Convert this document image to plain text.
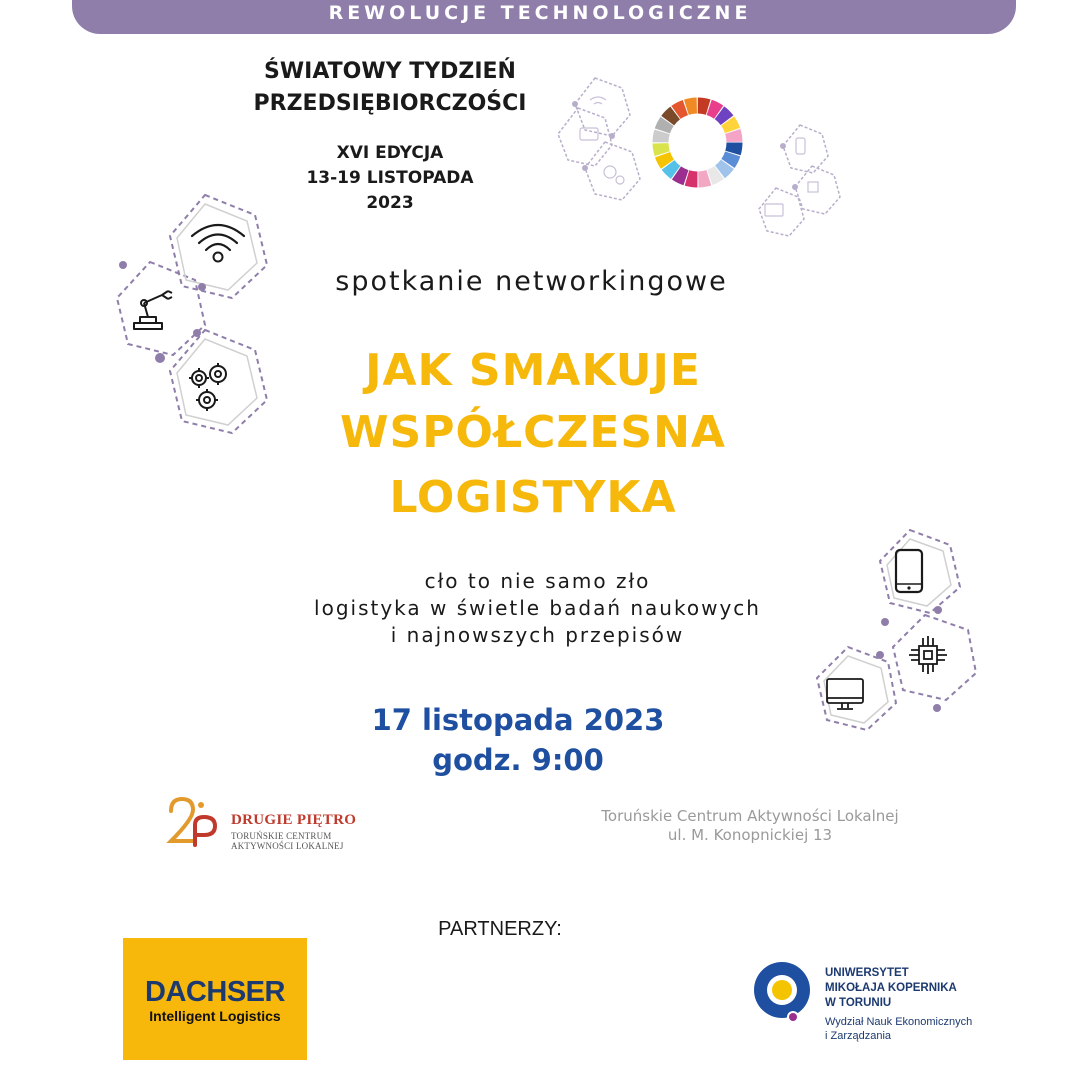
REWOLUCJE TECHNOLOGICZNE
ŚWIATOWY TYDZIEŃ
PRZEDSIĘBIORCZOŚCI
XVI EDYCJA
13-19 LISTOPADA
2023
spotkanie networkingowe
JAK SMAKUJE
WSPÓŁCZESNA
LOGISTYKA
cło to nie samo zło
logistyka w świetle badań naukowych
i najnowszych przepisów
17 listopada 2023
godz. 9:00
DRUGIE PIĘTRO
TORUŃSKIE CENTRUM
AKTYWNOŚCI LOKALNEJ
Toruńskie Centrum Aktywności Lokalnej
ul. M. Konopnickiej 13
PARTNERZY:
DACHSER
Intelligent Logistics
UNIWERSYTET
MIKOŁAJA KOPERNIKA
W TORUNIU
Wydział Nauk Ekonomicznych
i Zarządzania
